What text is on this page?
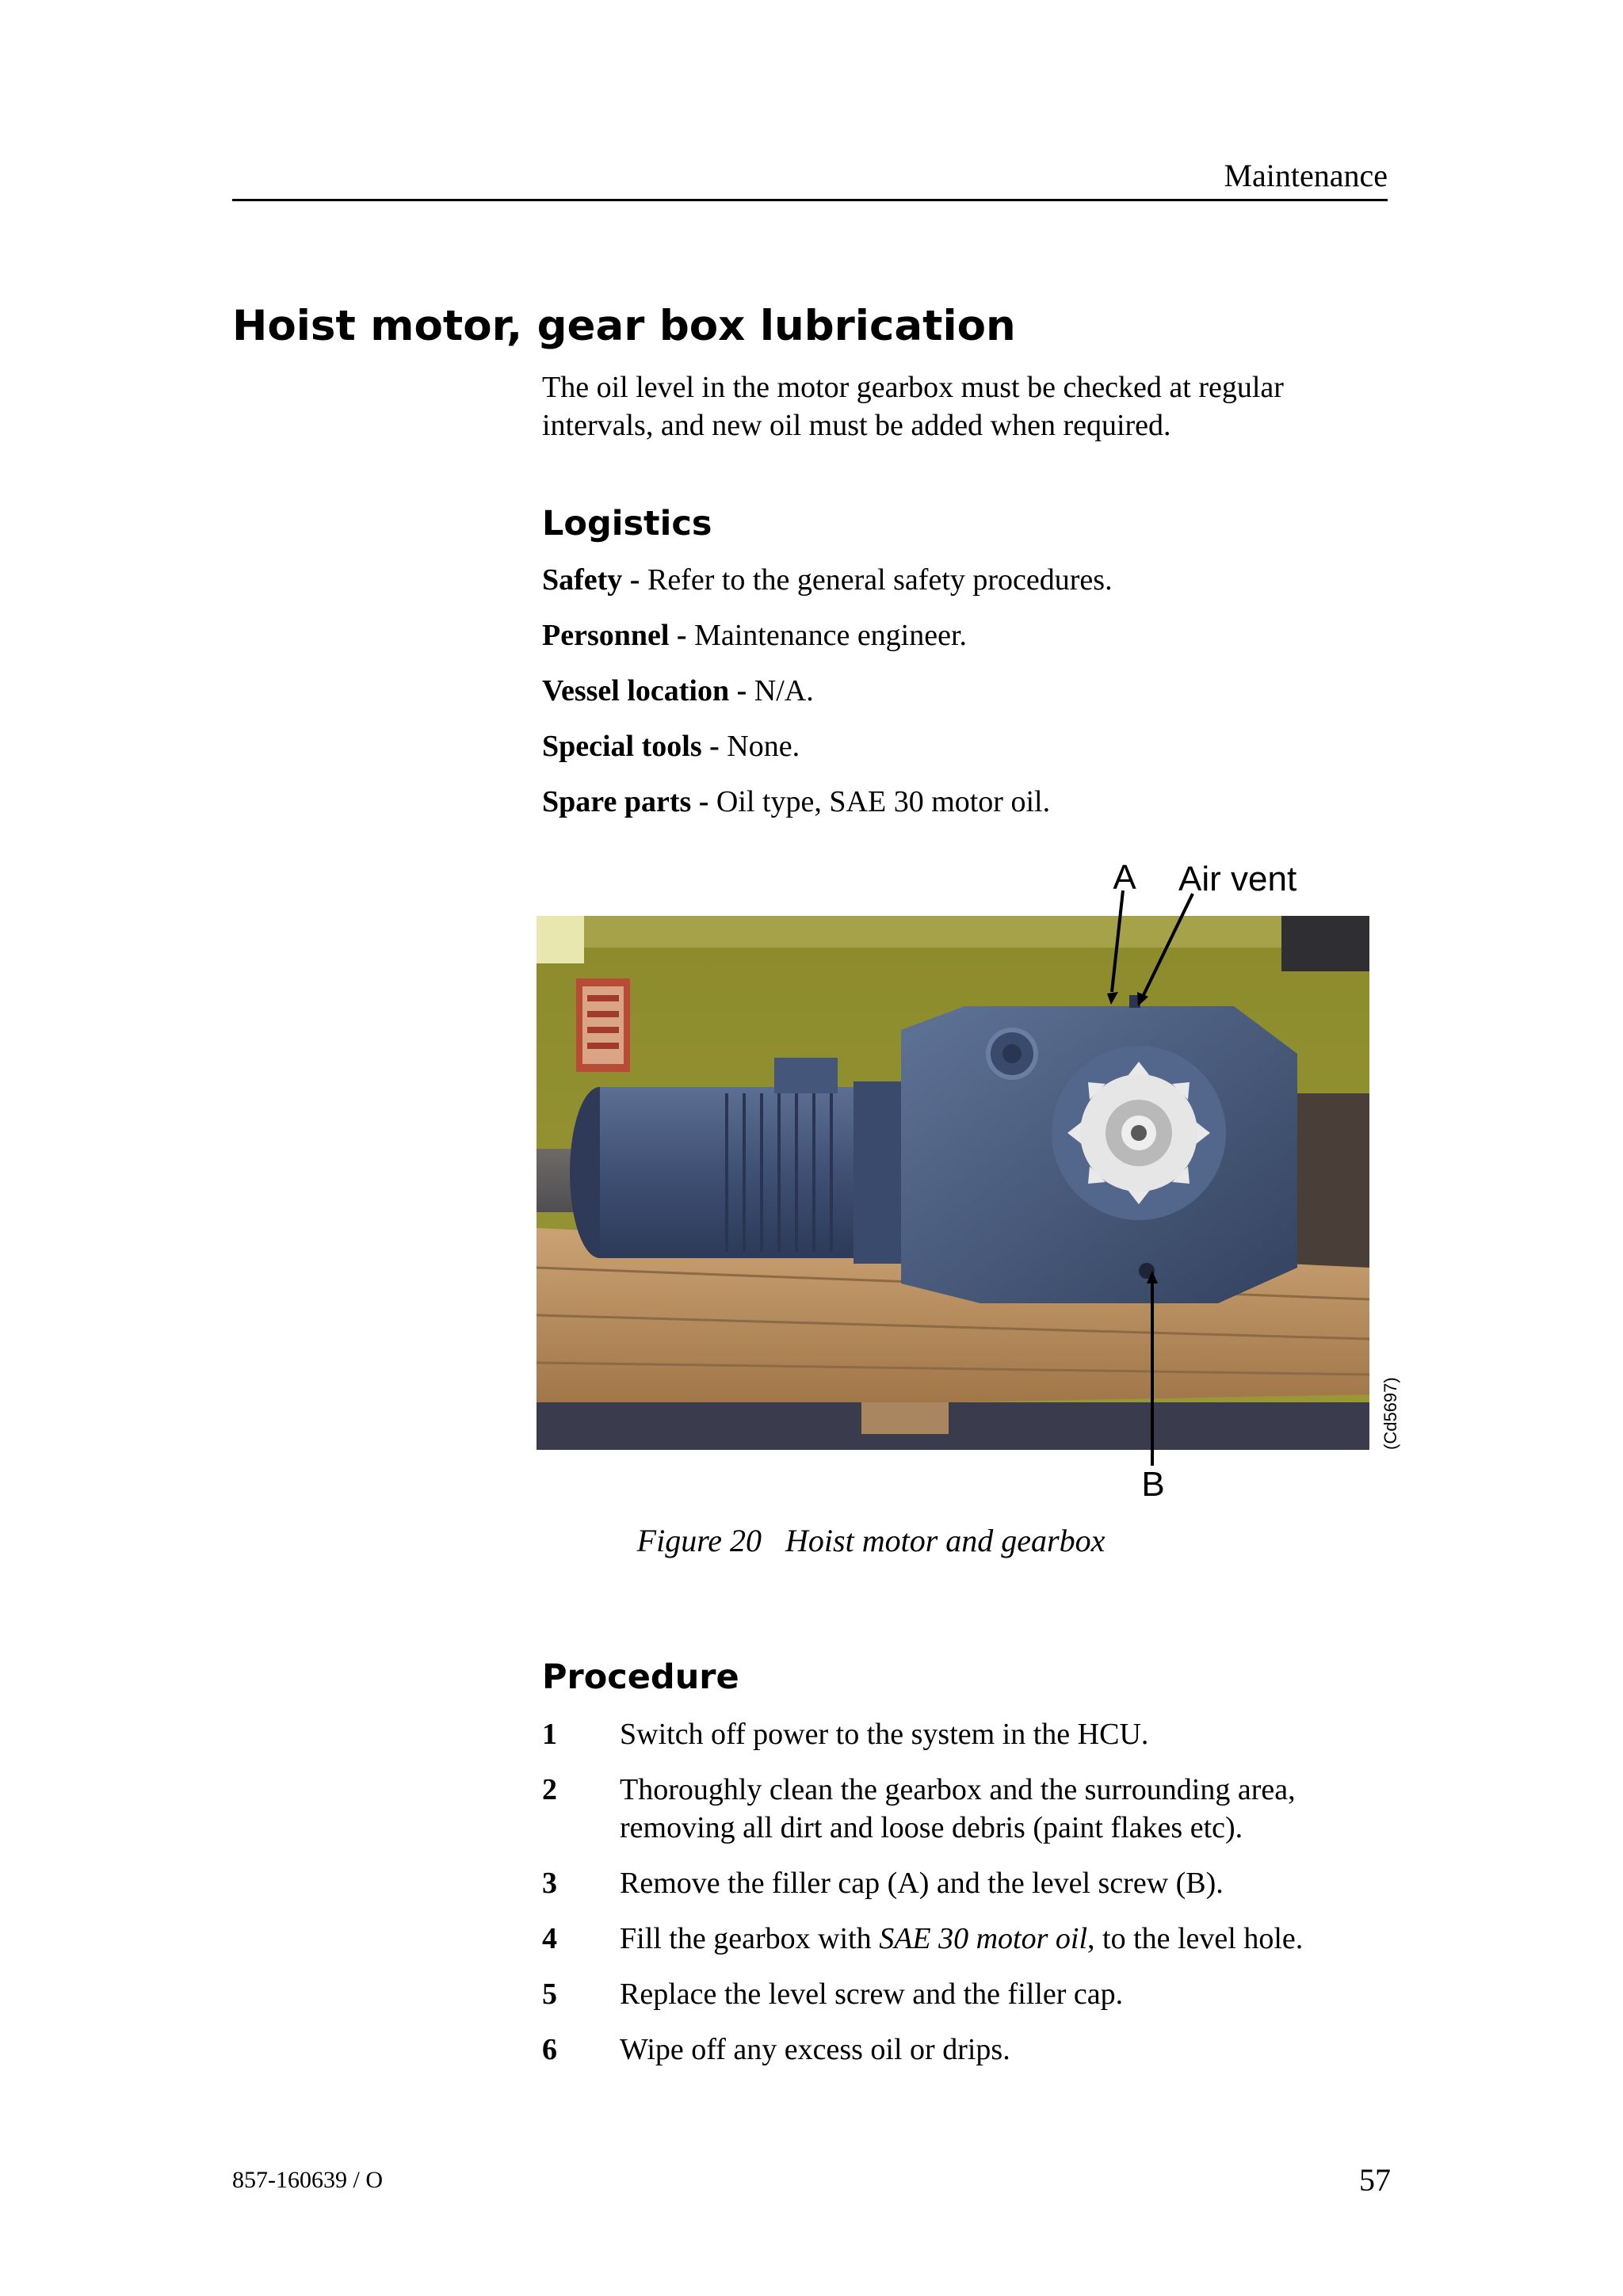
Maintenance
Hoist motor, gear box lubrication
The oil level in the motor gearbox must be checked at regular intervals, and new oil must be added when required.
Logistics
Safety - Refer to the general safety procedures.
Personnel - Maintenance engineer.
Vessel location - N/A.
Special tools - None.
Spare parts - Oil type, SAE 30 motor oil.
A Air vent
B
(Cd5697)
Figure 20 Hoist motor and gearbox
Procedure
1 Switch off power to the system in the HCU.
2 Thoroughly clean the gearbox and the surrounding area, removing all dirt and loose debris (paint flakes etc).
3 Remove the filler cap (A) and the level screw (B).
4 Fill the gearbox with SAE 30 motor oil, to the level hole.
5 Replace the level screw and the filler cap.
6 Wipe off any excess oil or drips.
857-160639 / O	57
